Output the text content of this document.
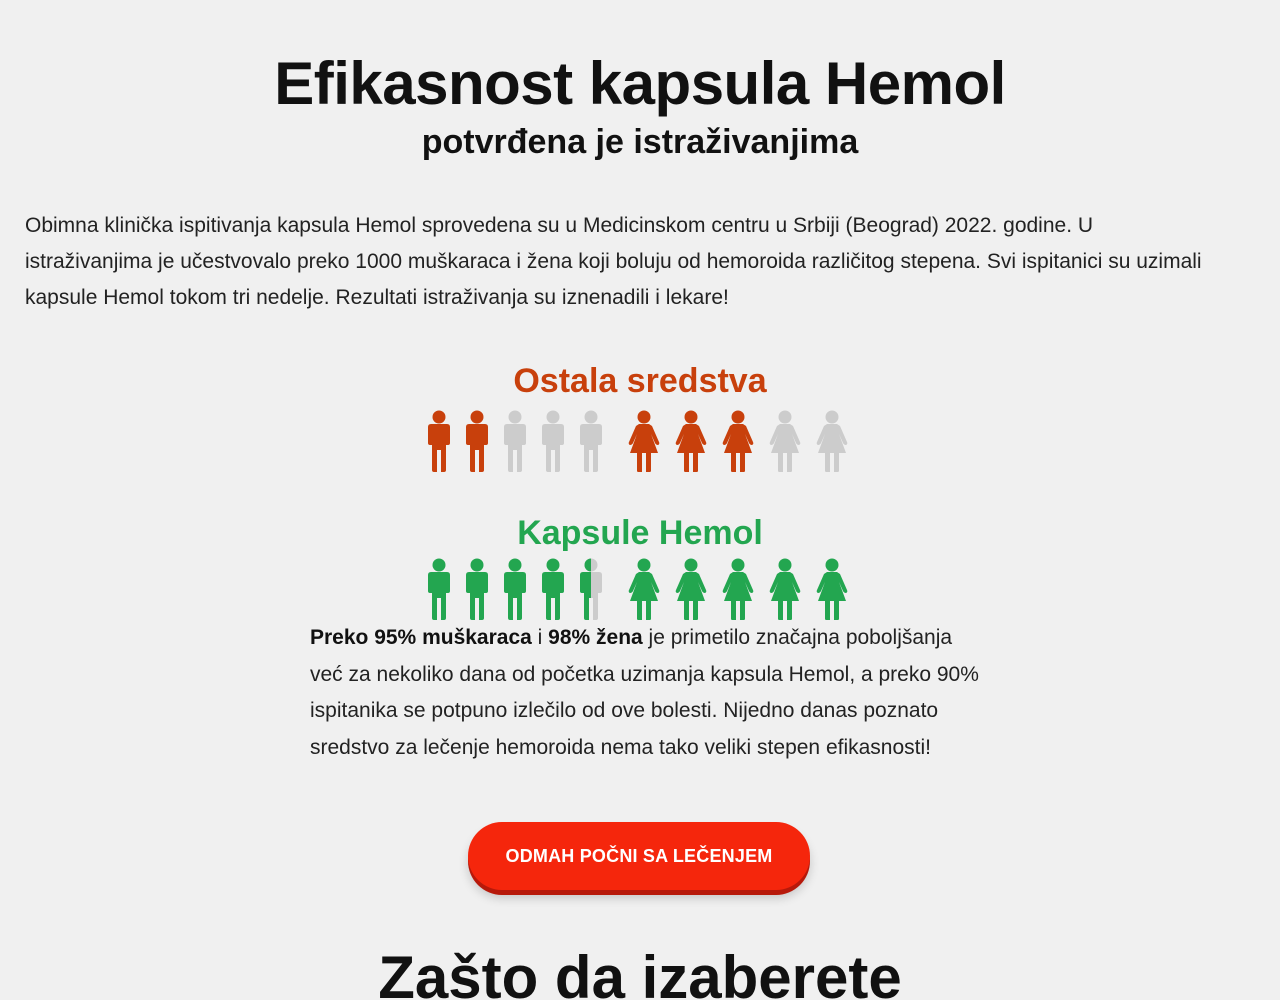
Efikasnost kapsula Hemol
potvrđena je istraživanjima

Obimna klinička ispitivanja kapsula Hemol sprovedena su u Medicinskom centru u Srbiji (Beograd) 2022. godine. U istraživanjima je učestvovalo preko 1000 muškaraca i žena koji boluju od hemoroida različitog stepena. Svi ispitanici su uzimali kapsule Hemol tokom tri nedelje. Rezultati istraživanja su iznenadili i lekare!

Ostala sredstva
Kapsule Hemol

Preko 95% muškaraca i 98% žena je primetilo značajna poboljšanja već za nekoliko dana od početka uzimanja kapsula Hemol, a preko 90% ispitanika se potpuno izlečilo od ove bolesti. Nijedno danas poznato sredstvo za lečenje hemoroida nema tako veliki stepen efikasnosti!

ODMAH POČNI SA LEČENJEM
Zašto da izaberete
